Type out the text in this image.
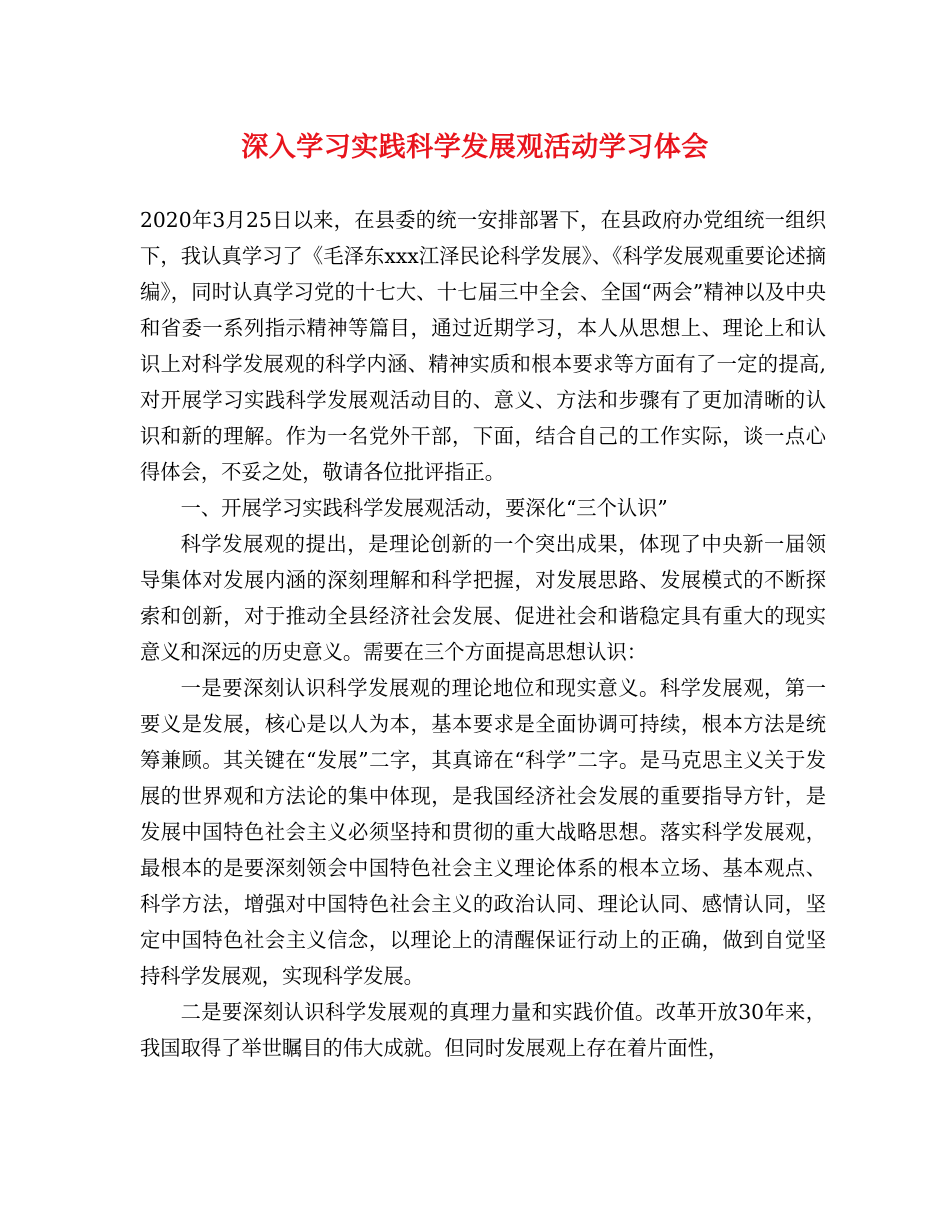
深入学习实践科学发展观活动学习体会

2020年3月25日以来，在县委的统一安排部署下，在县政府办党组统一组织下，我认真学习了《毛泽东xxx江泽民论科学发展》、《科学发展观重要论述摘编》，同时认真学习党的十七大、十七届三中全会、全国“两会”精神以及中央和省委一系列指示精神等篇目，通过近期学习，本人从思想上、理论上和认识上对科学发展观的科学内涵、精神实质和根本要求等方面有了一定的提高,对开展学习实践科学发展观活动目的、意义、方法和步骤有了更加清晰的认识和新的理解。作为一名党外干部，下面，结合自己的工作实际，谈一点心得体会，不妥之处，敬请各位批评指正。

一、开展学习实践科学发展观活动，要深化“三个认识”

科学发展观的提出，是理论创新的一个突出成果，体现了中央新一届领导集体对发展内涵的深刻理解和科学把握，对发展思路、发展模式的不断探索和创新，对于推动全县经济社会发展、促进社会和谐稳定具有重大的现实意义和深远的历史意义。需要在三个方面提高思想认识：

一是要深刻认识科学发展观的理论地位和现实意义。科学发展观，第一要义是发展，核心是以人为本，基本要求是全面协调可持续，根本方法是统筹兼顾。其关键在“发展”二字，其真谛在“科学”二字。是马克思主义关于发展的世界观和方法论的集中体现，是我国经济社会发展的重要指导方针，是发展中国特色社会主义必须坚持和贯彻的重大战略思想。落实科学发展观，最根本的是要深刻领会中国特色社会主义理论体系的根本立场、基本观点、科学方法，增强对中国特色社会主义的政治认同、理论认同、感情认同，坚定中国特色社会主义信念，以理论上的清醒保证行动上的正确，做到自觉坚持科学发展观，实现科学发展。

二是要深刻认识科学发展观的真理力量和实践价值。改革开放30年来，我国取得了举世瞩目的伟大成就。但同时发展观上存在着片面性，
